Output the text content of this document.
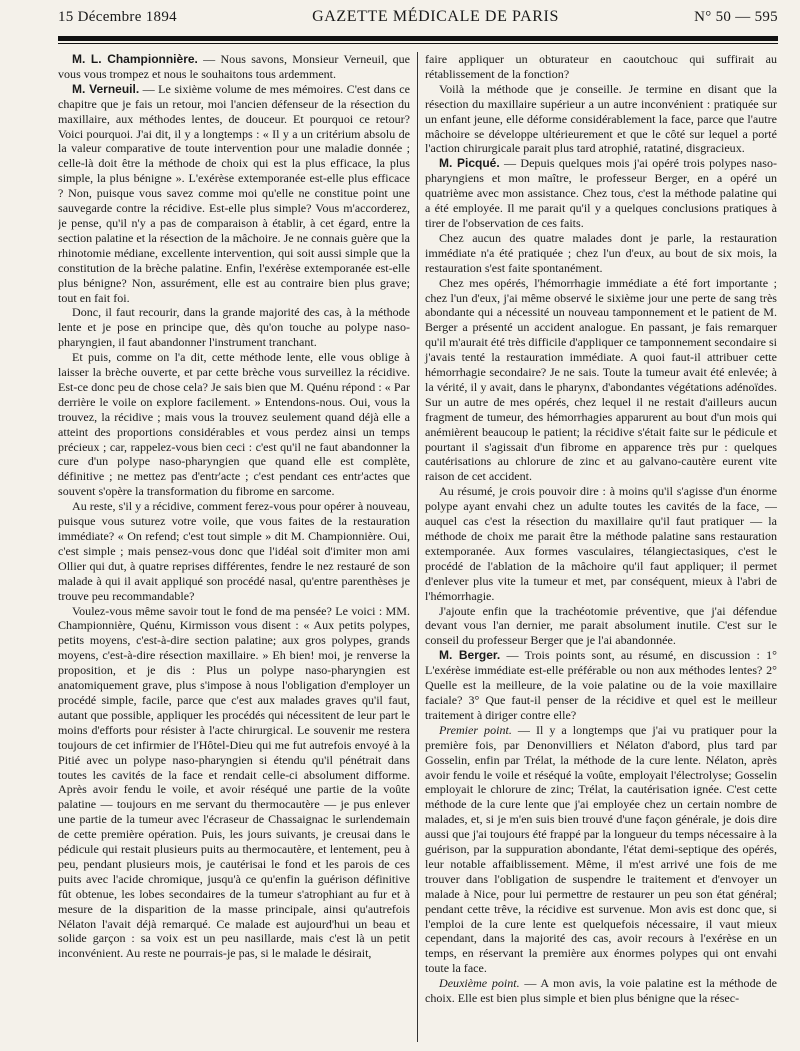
15 Décembre 1894	GAZETTE MÉDICALE DE PARIS	N° 50 — 595

M. L. Championnière. — Nous savons, Monsieur Verneuil, que vous vous trompez et nous le souhaitons tous ardemment.

M. Verneuil. — Le sixième volume de mes mémoires. C'est dans ce chapitre que je fais un retour, moi l'ancien défenseur de la résection du maxillaire, aux méthodes lentes, de douceur. Et pourquoi ce retour? Voici pourquoi. J'ai dit, il y a longtemps : « Il y a un critérium absolu de la valeur comparative de toute intervention pour une maladie donnée ; celle-là doit être la méthode de choix qui est la plus efficace, la plus simple, la plus bénigne ». L'exérèse extemporanée est-elle plus efficace ? Non, puisque vous savez comme moi qu'elle ne constitue point une sauvegarde contre la récidive. Est-elle plus simple? Vous m'accorderez, je pense, qu'il n'y a pas de comparaison à établir, à cet égard, entre la section palatine et la résection de la mâchoire. Je ne connais guère que la rhinotomie médiane, excellente intervention, qui soit aussi simple que la constitution de la brèche palatine. Enfin, l'exérèse extemporanée est-elle plus bénigne? Non, assurément, elle est au contraire bien plus grave; tout en fait foi.

Donc, il faut recourir, dans la grande majorité des cas, à la méthode lente et je pose en principe que, dès qu'on touche au polype naso-pharyngien, il faut abandonner l'instrument tranchant.

Et puis, comme on l'a dit, cette méthode lente, elle vous oblige à laisser la brèche ouverte, et par cette brèche vous surveillez la récidive. Est-ce donc peu de chose cela? Je sais bien que M. Quénu répond : « Par derrière le voile on explore facilement. » Entendons-nous. Oui, vous la trouvez, la récidive ; mais vous la trouvez seulement quand déjà elle a atteint des proportions considérables et vous perdez ainsi un temps précieux ; car, rappelez-vous bien ceci : c'est qu'il ne faut abandonner la cure d'un polype naso-pharyngien que quand elle est complète, définitive ; ne mettez pas d'entr'acte ; c'est pendant ces entr'actes que souvent s'opère la transformation du fibrome en sarcome.

Au reste, s'il y a récidive, comment ferez-vous pour opérer à nouveau, puisque vous suturez votre voile, que vous faites de la restauration immédiate? « On refend; c'est tout simple » dit M. Championnière. Oui, c'est simple ; mais pensez-vous donc que l'idéal soit d'imiter mon ami Ollier qui dut, à quatre reprises différentes, fendre le nez restauré de son malade à qui il avait appliqué son procédé nasal, qu'entre parenthèses je trouve peu recommandable?

Voulez-vous même savoir tout le fond de ma pensée? Le voici : MM. Championnière, Quénu, Kirmisson vous disent : « Aux petits polypes, petits moyens, c'est-à-dire section palatine; aux gros polypes, grands moyens, c'est-à-dire résection maxillaire. » Eh bien! moi, je renverse la proposition, et je dis : Plus un polype naso-pharyngien est anatomiquement grave, plus s'impose à nous l'obligation d'employer un procédé simple, facile, parce que c'est aux malades graves qu'il faut, autant que possible, appliquer les procédés qui nécessitent de leur part le moins d'efforts pour résister à l'acte chirurgical. Le souvenir me restera toujours de cet infirmier de l'Hôtel-Dieu qui me fut autrefois envoyé à la Pitié avec un polype naso-pharyngien si étendu qu'il pénétrait dans toutes les cavités de la face et rendait celle-ci absolument difforme. Après avoir fendu le voile, et avoir réséqué une partie de la voûte palatine — toujours en me servant du thermocautère — je pus enlever une partie de la tumeur avec l'écraseur de Chassaignac le surlendemain de cette première opération. Puis, les jours suivants, je creusai dans le pédicule qui restait plusieurs puits au thermocautère, et lentement, peu à peu, pendant plusieurs mois, je cautérisai le fond et les parois de ces puits avec l'acide chromique, jusqu'à ce qu'enfin la guérison définitive fût obtenue, les lobes secondaires de la tumeur s'atrophiant au fur et à mesure de la disparition de la masse principale, ainsi qu'autrefois Nélaton l'avait déjà remarqué. Ce malade est aujourd'hui un beau et solide garçon : sa voix est un peu nasillarde, mais c'est là un petit inconvénient. Au reste ne pourrais-je pas, si le malade le désirait,

faire appliquer un obturateur en caoutchouc qui suffirait au rétablissement de la fonction?

Voilà la méthode que je conseille. Je termine en disant que la résection du maxillaire supérieur a un autre inconvénient : pratiquée sur un enfant jeune, elle déforme considérablement la face, parce que l'autre mâchoire se développe ultérieurement et que le côté sur lequel a porté l'action chirurgicale parait plus tard atrophié, ratatiné, disgracieux.

M. Picqué. — Depuis quelques mois j'ai opéré trois polypes naso-pharyngiens et mon maître, le professeur Berger, en a opéré un quatrième avec mon assistance. Chez tous, c'est la méthode palatine qui a été employée. Il me parait qu'il y a quelques conclusions pratiques à tirer de l'observation de ces faits.

Chez aucun des quatre malades dont je parle, la restauration immédiate n'a été pratiquée ; chez l'un d'eux, au bout de six mois, la restauration s'est faite spontanément.

Chez mes opérés, l'hémorrhagie immédiate a été fort importante ; chez l'un d'eux, j'ai même observé le sixième jour une perte de sang très abondante qui a nécessité un nouveau tamponnement et le patient de M. Berger a présenté un accident analogue. En passant, je fais remarquer qu'il m'aurait été très difficile d'appliquer ce tamponnement secondaire si j'avais tenté la restauration immédiate. A quoi faut-il attribuer cette hémorrhagie secondaire? Je ne sais. Toute la tumeur avait été enlevée; à la vérité, il y avait, dans le pharynx, d'abondantes végétations adénoïdes. Sur un autre de mes opérés, chez lequel il ne restait d'ailleurs aucun fragment de tumeur, des hémorrhagies apparurent au bout d'un mois qui anémièrent beaucoup le patient; la récidive s'était faite sur le pédicule et pourtant il s'agissait d'un fibrome en apparence très pur : quelques cautérisations au chlorure de zinc et au galvano-cautère eurent vite raison de cet accident.

Au résumé, je crois pouvoir dire : à moins qu'il s'agisse d'un énorme polype ayant envahi chez un adulte toutes les cavités de la face, — auquel cas c'est la résection du maxillaire qu'il faut pratiquer — la méthode de choix me parait être la méthode palatine sans restauration extemporanée. Aux formes vasculaires, télangiectasiques, c'est le procédé de l'ablation de la mâchoire qu'il faut appliquer; il permet d'enlever plus vite la tumeur et met, par conséquent, mieux à l'abri de l'hémorrhagie.

J'ajoute enfin que la trachéotomie préventive, que j'ai défendue devant vous l'an dernier, me parait absolument inutile. C'est sur le conseil du professeur Berger que je l'ai abandonnée.

M. Berger. — Trois points sont, au résumé, en discussion : 1° L'exérèse immédiate est-elle préférable ou non aux méthodes lentes? 2° Quelle est la meilleure, de la voie palatine ou de la voie maxillaire faciale? 3° Que faut-il penser de la récidive et quel est le meilleur traitement à diriger contre elle?

Premier point. — Il y a longtemps que j'ai vu pratiquer pour la première fois, par Denonvilliers et Nélaton d'abord, plus tard par Gosselin, enfin par Trélat, la méthode de la cure lente. Nélaton, après avoir fendu le voile et réséqué la voûte, employait l'électrolyse; Gosselin employait le chlorure de zinc; Trélat, la cautérisation ignée. C'est cette méthode de la cure lente que j'ai employée chez un certain nombre de malades, et, si je m'en suis bien trouvé d'une façon générale, je dois dire aussi que j'ai toujours été frappé par la longueur du temps nécessaire à la guérison, par la suppuration abondante, l'état demi-septique des opérés, leur notable affaiblissement. Même, il m'est arrivé une fois de me trouver dans l'obligation de suspendre le traitement et d'envoyer un malade à Nice, pour lui permettre de restaurer un peu son état général; pendant cette trêve, la récidive est survenue. Mon avis est donc que, si l'emploi de la cure lente est quelquefois nécessaire, il vaut mieux cependant, dans la majorité des cas, avoir recours à l'exérèse en un temps, en réservant la première aux énormes polypes qui ont envahi toute la face.

Deuxième point. — A mon avis, la voie palatine est la méthode de choix. Elle est bien plus simple et bien plus bénigne que la résec-
